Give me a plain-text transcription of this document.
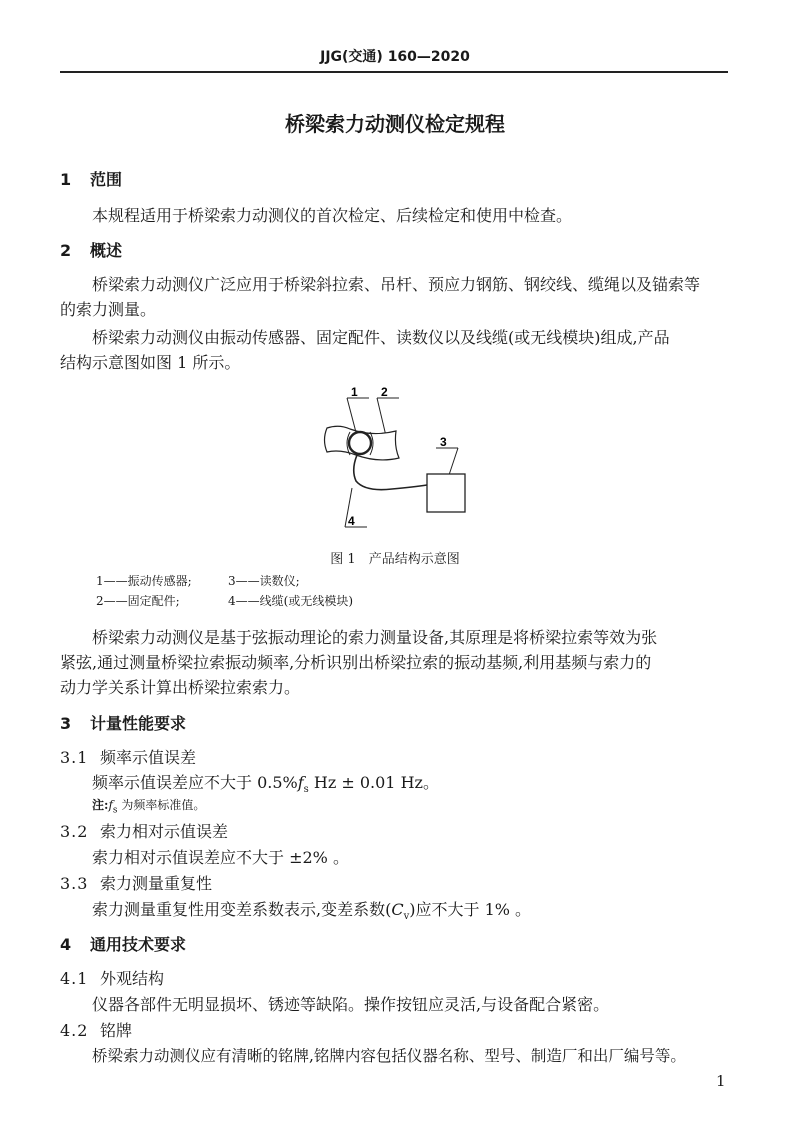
JJG(交通) 160—2020
桥梁索力动测仪检定规程
1 范围
本规程适用于桥梁索力动测仪的首次检定、后续检定和使用中检查。
2 概述
桥梁索力动测仪广泛应用于桥梁斜拉索、吊杆、预应力钢筋、钢绞线、缆绳以及锚索等
的索力测量。
桥梁索力动测仪由振动传感器、固定配件、读数仪以及线缆(或无线模块)组成,产品
结构示意图如图 1 所示。
1 2
3
4
图 1　产品结构示意图
1——振动传感器;	3——读数仪;
2——固定配件;	4——线缆(或无线模块)
桥梁索力动测仪是基于弦振动理论的索力测量设备,其原理是将桥梁拉索等效为张
紧弦,通过测量桥梁拉索振动频率,分析识别出桥梁拉索的振动基频,利用基频与索力的
动力学关系计算出桥梁拉索索力。
3 计量性能要求
3.1 频率示值误差
频率示值误差应不大于 $0.5\%f_s$ Hz ± 0.01 Hz。
注$:f_s$ 为频率标准值。
3.2 索力相对示值误差
索力相对示值误差应不大于 ±2% 。
3.3 索力测量重复性
索力测量重复性用变差系数表示,变差系数$(C_v)$应不大于 1% 。
4 通用技术要求
4.1 外观结构
仪器各部件无明显损坏、锈迹等缺陷。操作按钮应灵活,与设备配合紧密。
4.2 铭牌
桥梁索力动测仪应有清晰的铭牌,铭牌内容包括仪器名称、型号、制造厂和出厂编号等。
1
